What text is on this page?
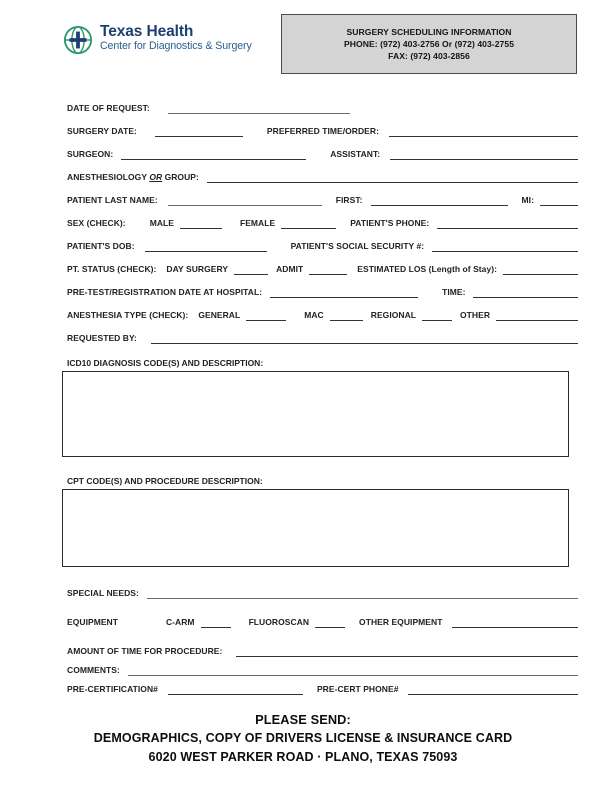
Texas Health
Center for Diagnostics & Surgery
SURGERY SCHEDULING INFORMATION
PHONE: (972) 403-2756 Or (972) 403-2755
FAX: (972) 403-2856
DATE OF REQUEST:
SURGERY DATE:	PREFERRED TIME/ORDER:
SURGEON:	ASSISTANT:
ANESTHESIOLOGY OR GROUP:
PATIENT LAST NAME:	FIRST:	MI:
SEX (CHECK):	MALE	FEMALE	PATIENT'S PHONE:
PATIENT'S DOB:	PATIENT'S SOCIAL SECURITY #:
PT. STATUS (CHECK): DAY SURGERY	ADMIT	ESTIMATED LOS (Length of Stay):
PRE-TEST/REGISTRATION DATE AT HOSPITAL:	TIME:
ANESTHESIA TYPE (CHECK): GENERAL	MAC	REGIONAL	OTHER
REQUESTED BY:
ICD10 DIAGNOSIS CODE(S) AND DESCRIPTION:
CPT CODE(S) AND PROCEDURE DESCRIPTION:
SPECIAL NEEDS:
EQUIPMENT	C-ARM	FLUOROSCAN	OTHER EQUIPMENT
AMOUNT OF TIME FOR PROCEDURE:
COMMENTS:
PRE-CERTIFICATION#	PRE-CERT PHONE#
PLEASE SEND:
DEMOGRAPHICS, COPY OF DRIVERS LICENSE & INSURANCE CARD
6020 WEST PARKER ROAD · PLANO, TEXAS 75093
